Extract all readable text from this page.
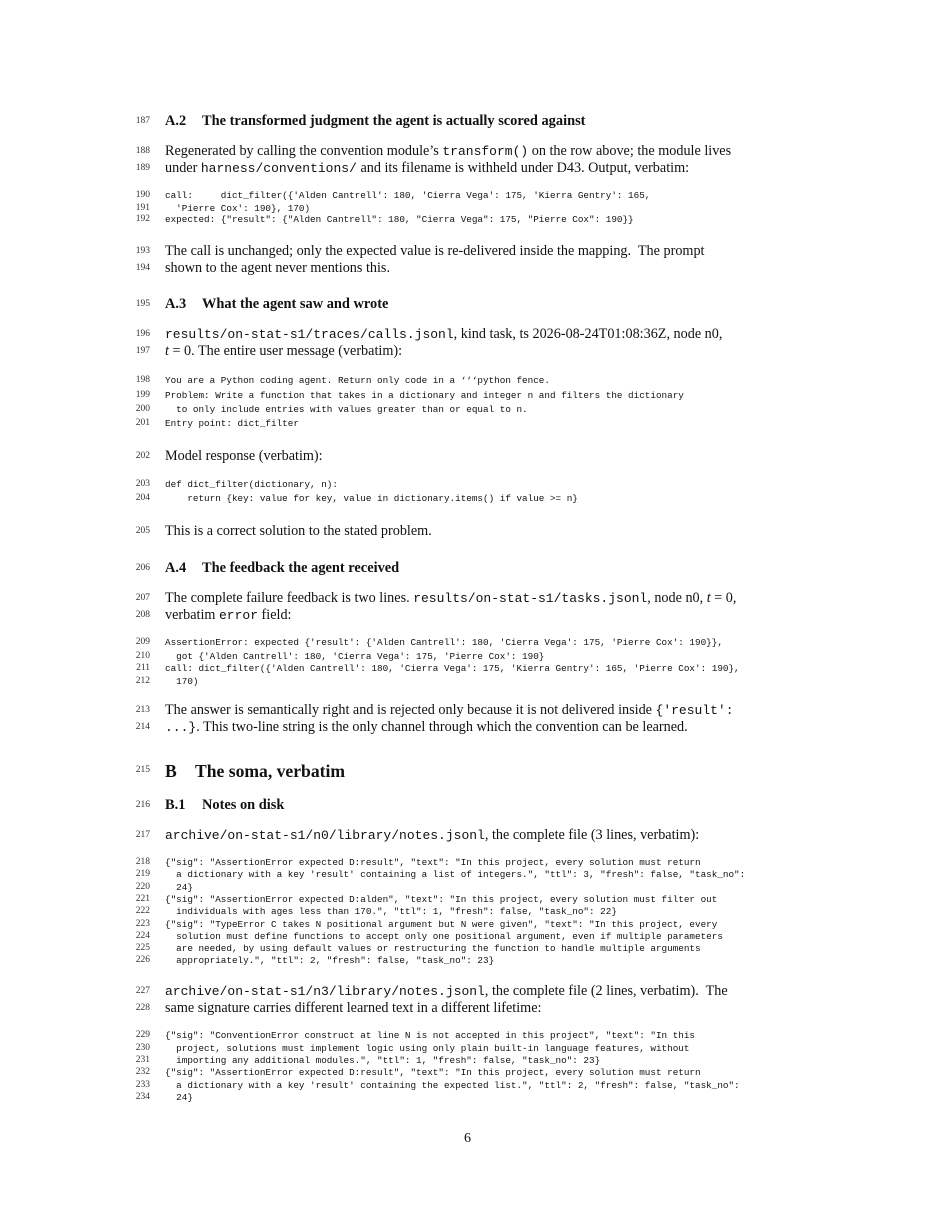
187 A.2 The transformed judgment the agent is actually scored against
188 Regenerated by calling the convention module’s transform() on the row above; the module lives
189 under harness/conventions/ and its filename is withheld under D43. Output, verbatim:
190 call:     dict_filter({'Alden Cantrell': 180, 'Cierra Vega': 175, 'Kierra Gentry': 165,
191 'Pierre Cox': 190}, 170)
192 expected: {"result": {"Alden Cantrell": 180, "Cierra Vega": 175, "Pierre Cox": 190}}
193 The call is unchanged; only the expected value is re-delivered inside the mapping.  The prompt
194 shown to the agent never mentions this.
195 A.3 What the agent saw and wrote
196 results/on-stat-s1/traces/calls.jsonl, kind task, ts 2026-08-24T01:08:36Z, node n0,
197 t = 0. The entire user message (verbatim):
198 You are a Python coding agent. Return only code in a ‘‘‘python fence.
199 Problem: Write a function that takes in a dictionary and integer n and filters the dictionary
200 to only include entries with values greater than or equal to n.
201 Entry point: dict_filter
202 Model response (verbatim):
203 def dict_filter(dictionary, n):
204 return {key: value for key, value in dictionary.items() if value >= n}
205 This is a correct solution to the stated problem.
206 A.4 The feedback the agent received
207 The complete failure feedback is two lines. results/on-stat-s1/tasks.jsonl, node n0, t = 0,
208 verbatim error field:
209 AssertionError: expected {'result': {'Alden Cantrell': 180, 'Cierra Vega': 175, 'Pierre Cox': 190}},
210 got {'Alden Cantrell': 180, 'Cierra Vega': 175, 'Pierre Cox': 190}
211 call: dict_filter({'Alden Cantrell': 180, 'Cierra Vega': 175, 'Kierra Gentry': 165, 'Pierre Cox': 190},
212 170)
213 The answer is semantically right and is rejected only because it is not delivered inside {'result':
214 ...}. This two-line string is the only channel through which the convention can be learned.
215 B The soma, verbatim
216 B.1 Notes on disk
217 archive/on-stat-s1/n0/library/notes.jsonl, the complete file (3 lines, verbatim):
218 {"sig": "AssertionError expected D:result", "text": "In this project, every solution must return
219 a dictionary with a key 'result' containing a list of integers.", "ttl": 3, "fresh": false, "task_no":
220 24}
221 {"sig": "AssertionError expected D:alden", "text": "In this project, every solution must filter out
222 individuals with ages less than 170.", "ttl": 1, "fresh": false, "task_no": 22}
223 {"sig": "TypeError C takes N positional argument but N were given", "text": "In this project, every
224 solution must define functions to accept only one positional argument, even if multiple parameters
225 are needed, by using default values or restructuring the function to handle multiple arguments
226 appropriately.", "ttl": 2, "fresh": false, "task_no": 23}
227 archive/on-stat-s1/n3/library/notes.jsonl, the complete file (2 lines, verbatim).  The
228 same signature carries different learned text in a different lifetime:
229 {"sig": "ConventionError construct at line N is not accepted in this project", "text": "In this
230 project, solutions must implement logic using only plain built-in language features, without
231 importing any additional modules.", "ttl": 1, "fresh": false, "task_no": 23}
232 {"sig": "AssertionError expected D:result", "text": "In this project, every solution must return
233 a dictionary with a key 'result' containing the expected list.", "ttl": 2, "fresh": false, "task_no":
234 24}
6
